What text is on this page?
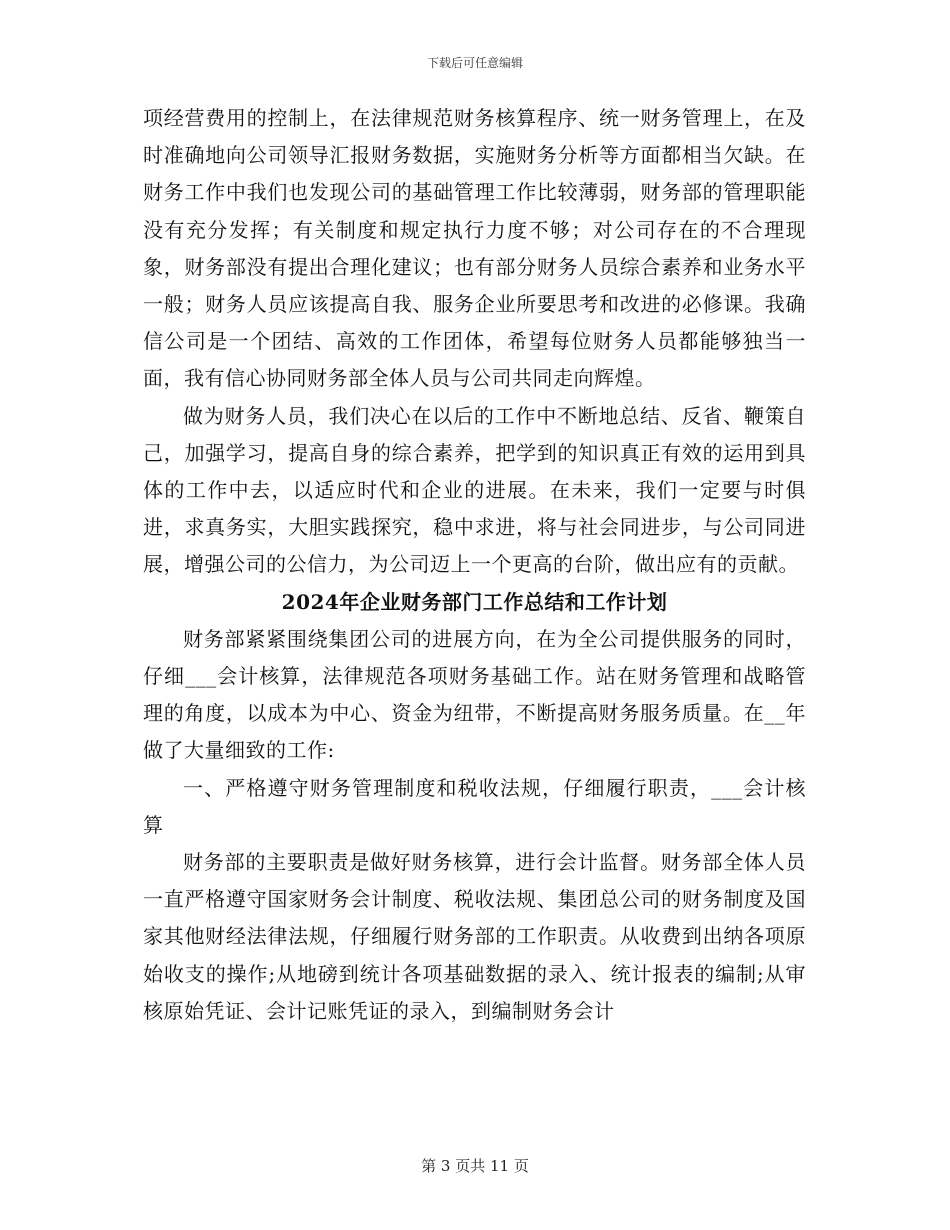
下载后可任意编辑

项经营费用的控制上，在法律规范财务核算程序、统一财务管理上，在及时准确地向公司领导汇报财务数据，实施财务分析等方面都相当欠缺。在财务工作中我们也发现公司的基础管理工作比较薄弱，财务部的管理职能没有充分发挥；有关制度和规定执行力度不够；对公司存在的不合理现象，财务部没有提出合理化建议；也有部分财务人员综合素养和业务水平一般；财务人员应该提高自我、服务企业所要思考和改进的必修课。我确信公司是一个团结、高效的工作团体，希望每位财务人员都能够独当一面，我有信心协同财务部全体人员与公司共同走向辉煌。

做为财务人员，我们决心在以后的工作中不断地总结、反省、鞭策自己，加强学习，提高自身的综合素养，把学到的知识真正有效的运用到具体的工作中去，以适应时代和企业的进展。在未来，我们一定要与时俱进，求真务实，大胆实践探究，稳中求进，将与社会同进步，与公司同进展，增强公司的公信力，为公司迈上一个更高的台阶，做出应有的贡献。

2024年企业财务部门工作总结和工作计划

财务部紧紧围绕集团公司的进展方向，在为全公司提供服务的同时，仔细___会计核算，法律规范各项财务基础工作。站在财务管理和战略管理的角度，以成本为中心、资金为纽带，不断提高财务服务质量。在__年做了大量细致的工作:

一、严格遵守财务管理制度和税收法规，仔细履行职责，___会计核算

财务部的主要职责是做好财务核算，进行会计监督。财务部全体人员一直严格遵守国家财务会计制度、税收法规、集团总公司的财务制度及国家其他财经法律法规，仔细履行财务部的工作职责。从收费到出纳各项原始收支的操作;从地磅到统计各项基础数据的录入、统计报表的编制;从审核原始凭证、会计记账凭证的录入，到编制财务会计

第 3 页共 11 页
